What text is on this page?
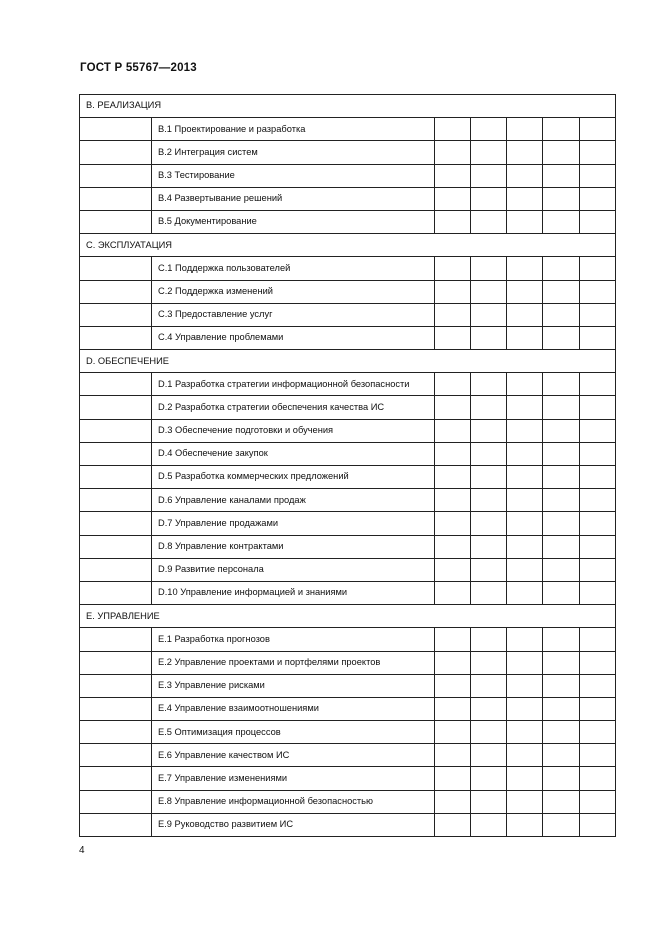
ГОСТ Р 55767—2013
B. РЕАЛИЗАЦИЯ						
	B.1 Проектирование и разработка					
	B.2 Интеграция систем					
	B.3 Тестирование					
	B.4 Развертывание решений					
	B.5 Документирование					
C. ЭКСПЛУАТАЦИЯ						
	C.1 Поддержка пользователей					
	C.2 Поддержка изменений					
	C.3 Предоставление услуг					
	C.4 Управление проблемами					
D. ОБЕСПЕЧЕНИЕ						
	D.1 Разработка стратегии информационной безопасности					
	D.2 Разработка стратегии обеспечения качества ИС					
	D.3 Обеспечение подготовки и обучения					
	D.4 Обеспечение закупок					
	D.5 Разработка коммерческих предложений					
	D.6 Управление каналами продаж					
	D.7 Управление продажами					
	D.8 Управление контрактами					
	D.9 Развитие персонала					
	D.10 Управление информацией и знаниями					
E. УПРАВЛЕНИЕ						
	E.1 Разработка прогнозов					
	E.2 Управление проектами и портфелями проектов					
	E.3 Управление рисками					
	E.4 Управление взаимоотношениями					
	E.5 Оптимизация процессов					
	E.6 Управление качеством ИС					
	E.7 Управление изменениями					
	E.8 Управление информационной безопасностью					
	E.9 Руководство развитием ИС					
4
